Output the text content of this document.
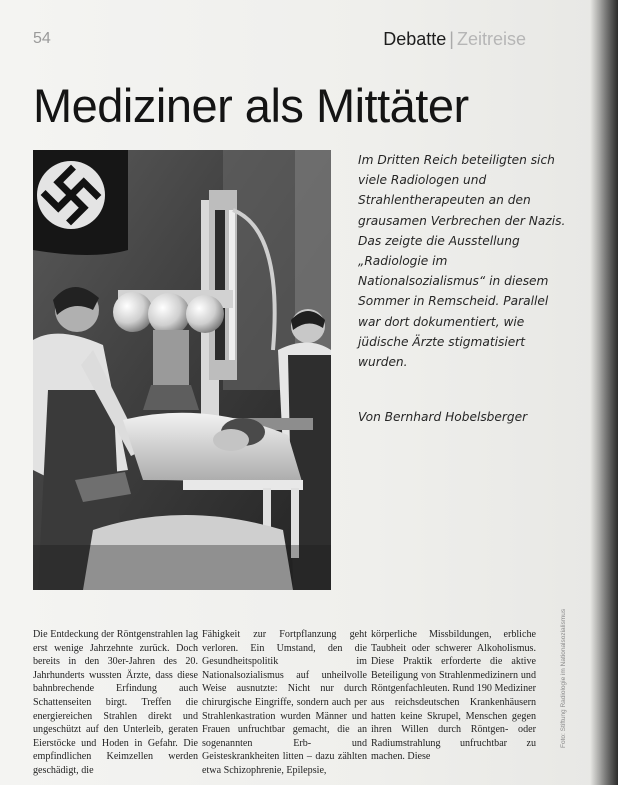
54	Debatte | Zeitreise
Mediziner als Mittäter

Im Dritten Reich beteiligten sich viele Radiologen und Strahlentherapeuten an den grausamen Verbrechen der Nazis. Das zeigte die Ausstellung „Radiologie im Nationalsozialismus“ in diesem Sommer in Remscheid. Parallel war dort dokumentiert, wie jüdische Ärzte stigmatisiert wurden.

Von Bernhard Hobelsberger

Die Entdeckung der Röntgenstrahlen lag erst wenige Jahrzehnte zurück. Doch bereits in den 30er-Jahren des 20. Jahrhunderts wussten Ärzte, dass diese bahnbrechende Erfindung auch Schattenseiten birgt. Treffen die energiereichen Strahlen direkt und ungeschützt auf den Unterleib, geraten Eierstöcke und Hoden in Gefahr. Die empfindlichen Keimzellen werden geschädigt, die

Fähigkeit zur Fortpflanzung geht verloren. Ein Umstand, den die Gesundheitspolitik im Nationalsozialismus auf unheilvolle Weise ausnutzte: Nicht nur durch chirurgische Eingriffe, sondern auch per Strahlenkastration wurden Männer und Frauen unfruchtbar gemacht, die an sogenannten Erb- und Geisteskrankheiten litten – dazu zählten etwa Schizophrenie, Epilepsie,

körperliche Missbildungen, erbliche Taubheit oder schwerer Alkoholismus. Diese Praktik erforderte die aktive Beteiligung von Strahlenmedizinern und Röntgenfachleuten. Rund 190 Mediziner aus reichsdeutschen Krankenhäusern hatten keine Skrupel, Menschen gegen ihren Willen durch Röntgen- oder Radiumstrahlung unfruchtbar zu machen. Diese

Foto: Stiftung Radiologie im Nationalsozialismus
